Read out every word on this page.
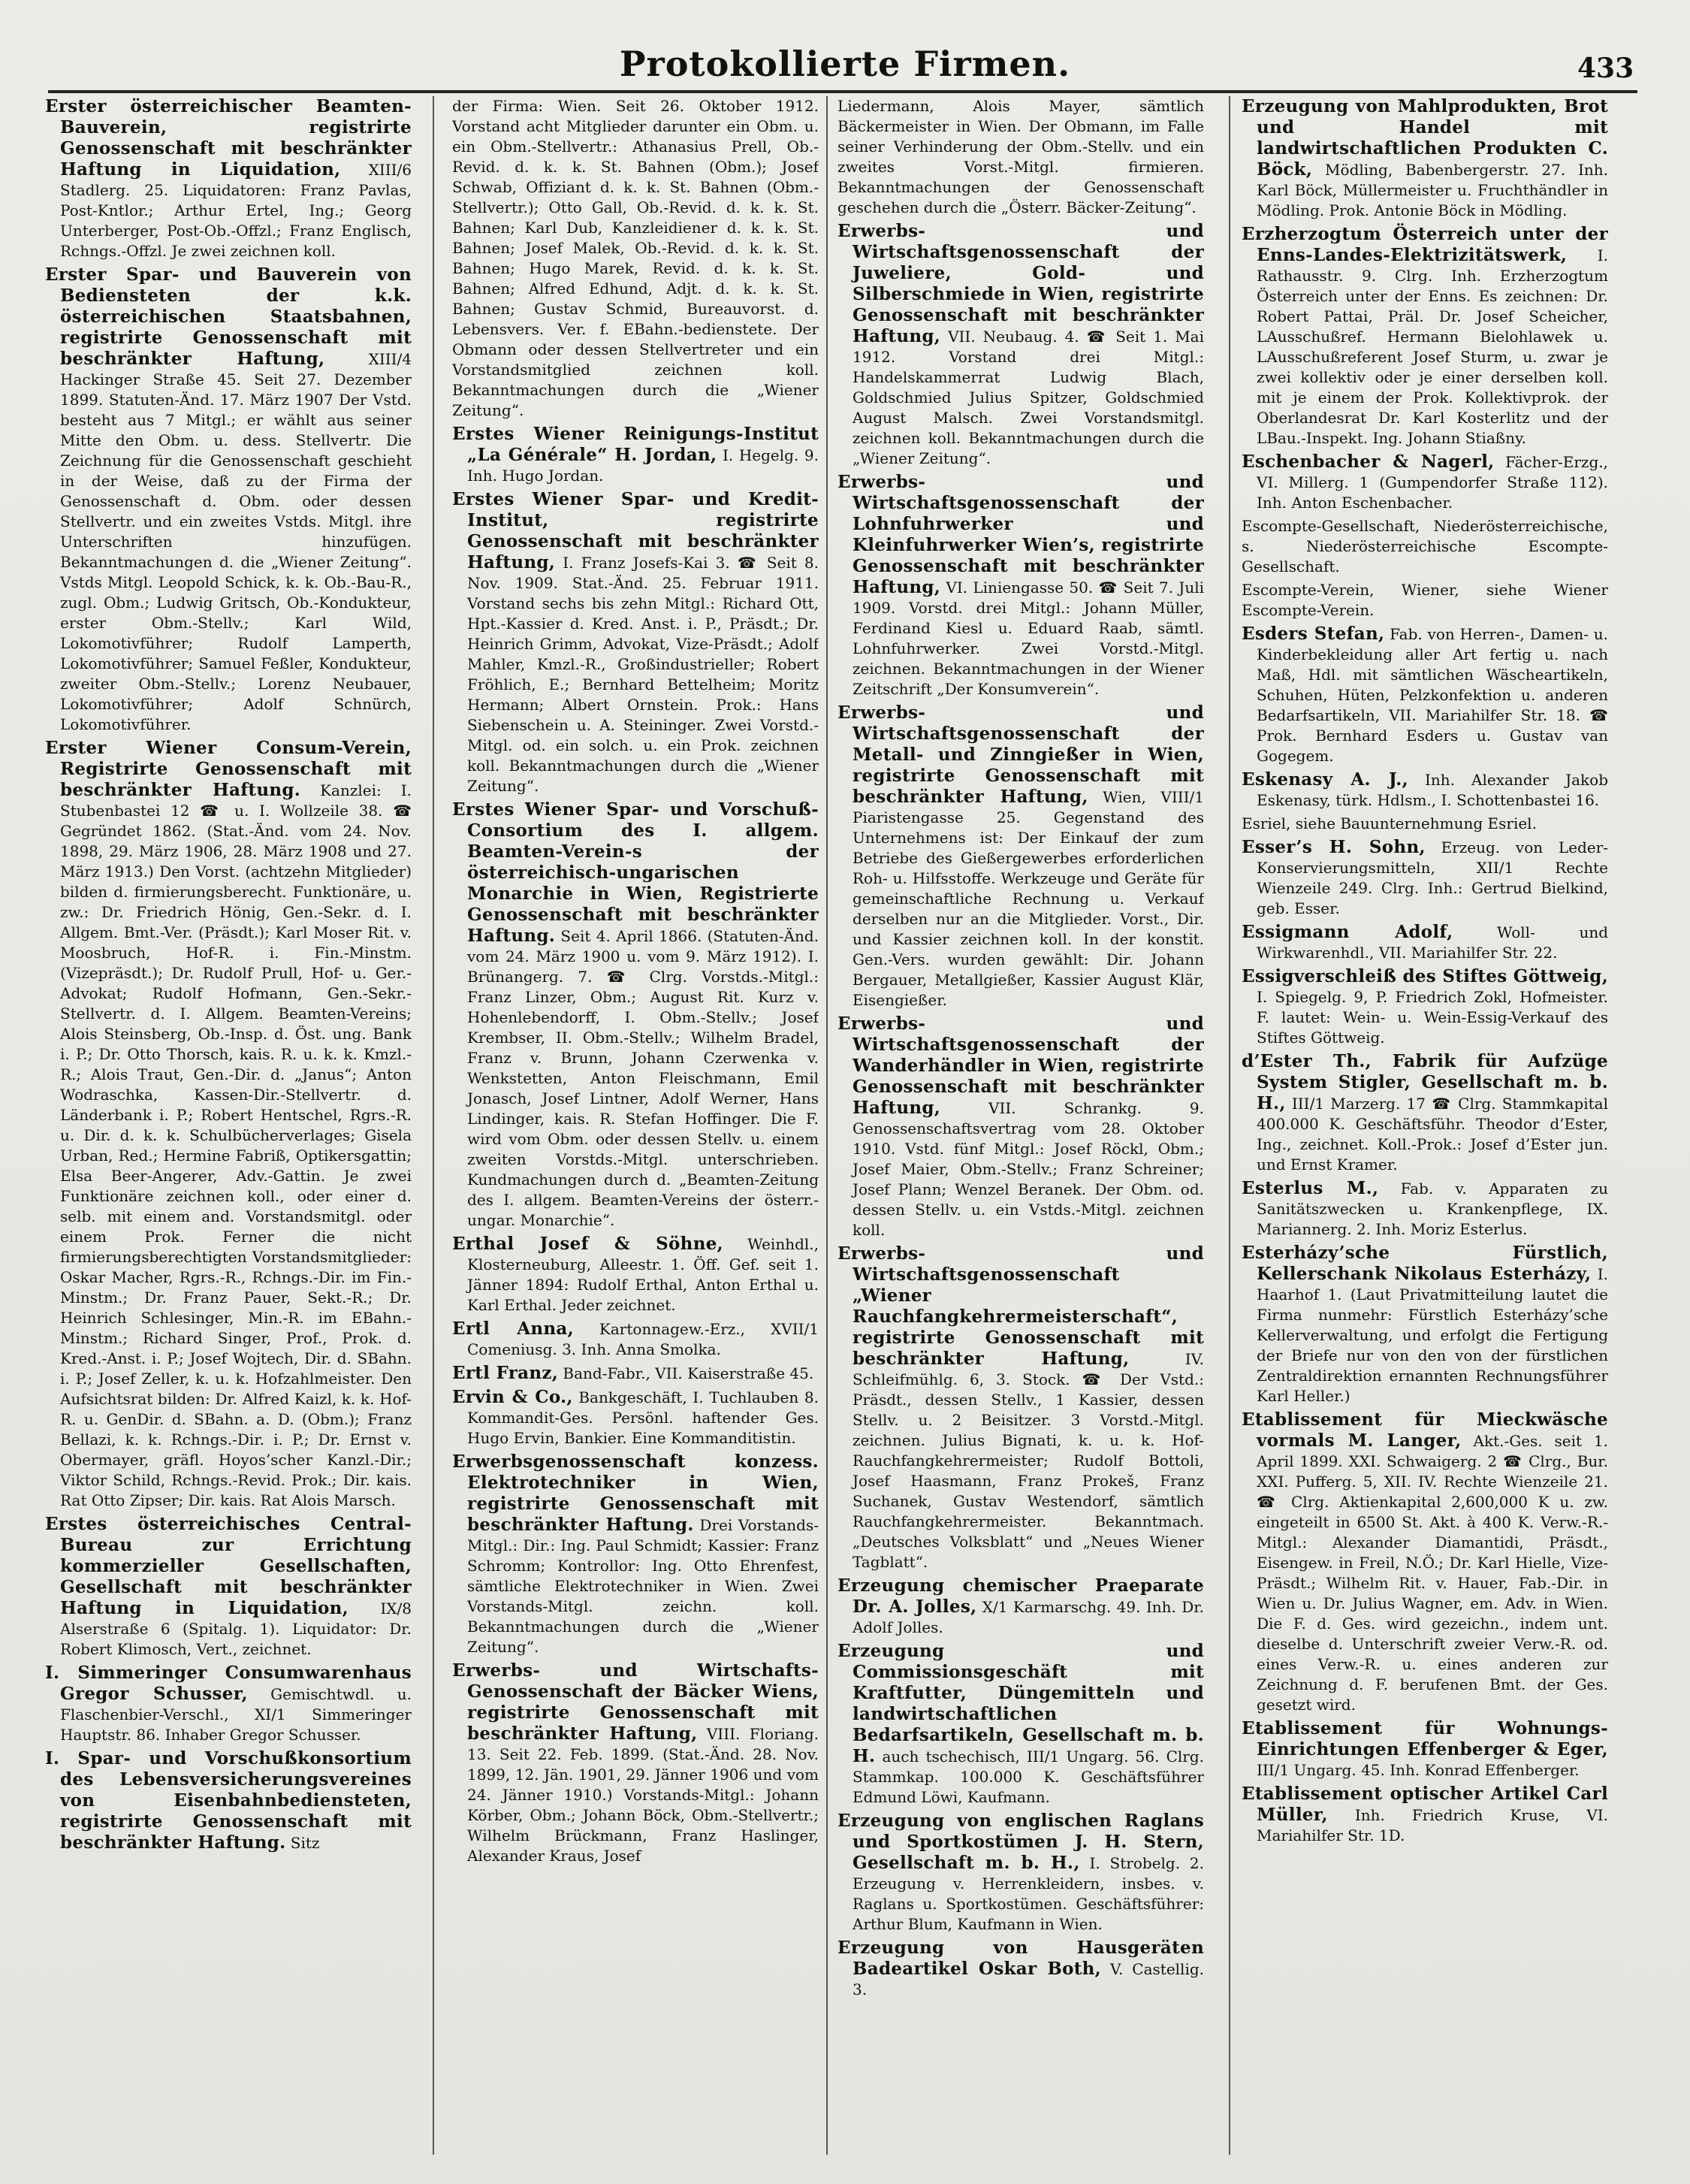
Protokollierte Firmen.	433

Erster österreichischer Beamten-Bauverein, registrirte Genossenschaft mit beschränkter Haftung in Liquidation, XIII/6 Stadlerg. 25. Liquidatoren: Franz Pavlas, Post-Kntlor.; Arthur Ertel, Ing.; Georg Unterberger, Post-Ob.-Offzl.; Franz Englisch, Rchngs.-Offzl. Je zwei zeichnen koll.

Erster Spar- und Bauverein von Bediensteten der k.k. österreichischen Staatsbahnen, registrirte Genossenschaft mit beschränkter Haftung,	XIII/4 Hackinger Straße 45. Seit 27. Dezember 1899. Statuten-Änd. 17. März 1907 Der Vstd. besteht aus 7 Mitgl.; er wählt aus seiner Mitte den Obm. u. dess. Stellvertr. Die Zeichnung für die Genossenschaft geschieht in der Weise, daß zu der Firma der Genossenschaft d. Obm. oder dessen Stellvertr. und ein zweites Vstds. Mitgl. ihre Unterschriften hinzufügen. Bekanntmachungen d. die „Wiener Zeitung“. Vstds Mitgl. Leopold Schick, k. k. Ob.-Bau-R., zugl. Obm.; Ludwig Gritsch, Ob.-Kondukteur, erster Obm.-Stellv.; Karl Wild, Lokomotivführer; Rudolf Lamperth, Lokomotivführer; Samuel Feßler, Kondukteur, zweiter Obm.-Stellv.; Lorenz Neubauer, Lokomotivführer; Adolf Schnürch, Lokomotivführer.

Erster Wiener Consum-Verein, Registrirte Genossenschaft mit beschränkter Haftung. Kanzlei: I. Stubenbastei 12 ☎ u. I. Wollzeile 38. ☎ Gegründet 1862. (Stat.-Änd. vom 24. Nov. 1898, 29. März 1906, 28. März 1908 und 27. März 1913.) Den Vorst. (achtzehn Mitglieder) bilden d. firmierungsberecht. Funktionäre, u. zw.: Dr. Friedrich Hönig, Gen.-Sekr. d. I. Allgem. Bmt.-Ver. (Präsdt.); Karl Moser Rit. v. Moosbruch, Hof-R. i. Fin.-Minstm. (Vizepräsdt.); Dr. Rudolf Prull, Hof- u. Ger.-Advokat; Rudolf Hofmann, Gen.-Sekr.-Stellvertr. d. I. Allgem. Beamten-Vereins; Alois Steinsberg, Ob.-Insp. d. Öst. ung. Bank i. P.; Dr. Otto Thorsch, kais. R. u. k. k. Kmzl.-R.; Alois Traut, Gen.-Dir. d. „Janus“; Anton Wodraschka, Kassen-Dir.-Stellvertr. d. Länderbank i. P.; Robert Hentschel, Rgrs.-R. u. Dir. d. k. k. Schulbücherverlages; Gisela Urban, Red.; Hermine Fabriß, Optikersgattin; Elsa Beer-Angerer, Adv.-Gattin. Je zwei Funktionäre zeichnen koll., oder einer d. selb. mit einem and. Vorstandsmitgl. oder einem Prok. Ferner die nicht firmierungsberechtigten Vorstandsmitglieder: Oskar Macher, Rgrs.-R., Rchngs.-Dir. im Fin.-Minstm.; Dr. Franz Pauer, Sekt.-R.; Dr. Heinrich Schlesinger, Min.-R. im EBahn.-Minstm.; Richard Singer, Prof., Prok. d. Kred.-Anst. i. P.; Josef Wojtech, Dir. d. SBahn. i. P.; Josef Zeller, k. u. k. Hofzahlmeister. Den Aufsichtsrat bilden: Dr. Alfred Kaizl, k. k. Hof-R. u. GenDir. d. SBahn. a. D. (Obm.); Franz Bellazi, k. k. Rchngs.-Dir. i. P.; Dr. Ernst v. Obermayer, gräfl. Hoyos’scher Kanzl.-Dir.; Viktor Schild, Rchngs.-Revid. Prok.; Dir. kais. Rat Otto Zipser; Dir. kais. Rat Alois Marsch.

Erstes österreichisches Central-Bureau zur Errichtung kommerzieller Gesellschaften, Gesellschaft mit beschränkter Haftung in Liquidation, IX/8 Alserstraße 6 (Spitalg. 1). Liquidator: Dr. Robert Klimosch, Vert., zeichnet.

I. Simmeringer Consumwarenhaus Gregor Schusser, Gemischtwdl. u. Flaschenbier-Verschl., XI/1 Simmeringer Hauptstr. 86. Inhaber Gregor Schusser.

I. Spar- und Vorschußkonsortium des Lebensversicherungsvereines von Eisenbahnbediensteten, registrirte Genossenschaft mit beschränkter Haftung. Sitz

der Firma: Wien. Seit 26. Oktober 1912. Vorstand acht Mitglieder darunter ein Obm. u. ein Obm.-Stellvertr.: Athanasius Prell, Ob.-Revid. d. k. k. St. Bahnen (Obm.); Josef Schwab, Offiziant d. k. k. St. Bahnen (Obm.-Stellvertr.); Otto Gall, Ob.-Revid. d. k. k. St. Bahnen; Karl Dub, Kanzleidiener d. k. k. St. Bahnen; Josef Malek, Ob.-Revid. d. k. k. St. Bahnen; Hugo Marek, Revid. d. k. k. St. Bahnen; Alfred Edhund, Adjt. d. k. k. St. Bahnen; Gustav Schmid, Bureauvorst. d. Lebensvers. Ver. f. EBahn.-bedienstete. Der Obmann oder dessen Stellvertreter und ein Vorstandsmitglied zeichnen koll. Bekanntmachungen durch die „Wiener Zeitung“.

Erstes Wiener Reinigungs-Institut „La Générale“ H. Jordan, I. Hegelg. 9. Inh. Hugo Jordan.

Erstes Wiener Spar- und Kredit-Institut, registrirte Genossenschaft mit beschränkter Haftung, I. Franz Josefs-Kai 3. ☎ Seit 8. Nov. 1909. Stat.-Änd. 25. Februar 1911. Vorstand sechs bis zehn Mitgl.: Richard Ott, Hpt.-Kassier d. Kred. Anst. i. P., Präsdt.; Dr. Heinrich Grimm, Advokat, Vize-Präsdt.; Adolf Mahler, Kmzl.-R., Großindustrieller; Robert Fröhlich, E.; Bernhard Bettelheim; Moritz Hermann; Albert Ornstein. Prok.: Hans Siebenschein u. A. Steininger. Zwei Vorstd.-Mitgl. od. ein solch. u. ein Prok. zeichnen koll. Bekanntmachungen durch die „Wiener Zeitung“.

Erstes Wiener Spar- und Vorschuß-Consortium des I. allgem. Beamten-Verein-s der österreichisch-ungarischen Monarchie in Wien, Registrierte Genossenschaft mit beschränkter Haftung. Seit 4. April 1866. (Statuten-Änd. vom 24. März 1900 u. vom 9. März 1912). I. Brünangerg. 7. ☎ Clrg. Vorstds.-Mitgl.: Franz Linzer, Obm.; August Rit. Kurz v. Hohenlebendorff, I. Obm.-Stellv.; Josef Krembser, II. Obm.-Stellv.; Wilhelm Bradel, Franz v. Brunn, Johann Czerwenka v. Wenkstetten, Anton Fleischmann, Emil Jonasch, Josef Lintner, Adolf Werner, Hans Lindinger, kais. R. Stefan Hoffinger. Die F. wird vom Obm. oder dessen Stellv. u. einem zweiten Vorstds.-Mitgl. unterschrieben. Kundmachungen durch d. „Beamten-Zeitung des I. allgem. Beamten-Vereins der österr.-ungar. Monarchie“.

Erthal Josef & Söhne, Weinhdl., Klosterneuburg, Alleestr. 1. Öff. Gef. seit 1. Jänner 1894: Rudolf Erthal, Anton Erthal u. Karl Erthal. Jeder zeichnet.

Ertl Anna, Kartonnagew.-Erz., XVII/1 Comeniusg. 3. Inh. Anna Smolka.

Ertl Franz, Band-Fabr., VII. Kaiserstraße 45.

Ervin & Co., Bankgeschäft, I. Tuchlauben 8. Kommandit-Ges. Persönl. haftender Ges. Hugo Ervin, Bankier. Eine Kommanditistin.

Erwerbsgenossenschaft konzess. Elektrotechniker in Wien, registrirte Genossenschaft mit beschränkter Haftung. Drei Vorstands-Mitgl.: Dir.: Ing. Paul Schmidt; Kassier: Franz Schromm; Kontrollor: Ing. Otto Ehrenfest, sämtliche Elektrotechniker in Wien. Zwei Vorstands-Mitgl. zeichn. koll. Bekanntmachungen durch die „Wiener Zeitung“.

Erwerbs- und Wirtschafts-Genossenschaft der Bäcker Wiens, registrirte Genossenschaft mit beschränkter Haftung, VIII. Floriang. 13. Seit 22. Feb. 1899. (Stat.-Änd. 28. Nov. 1899, 12. Jän. 1901, 29. Jänner 1906 und vom 24. Jänner 1910.) Vorstands-Mitgl.: Johann Körber, Obm.; Johann Böck, Obm.-Stellvertr.; Wilhelm Brückmann, Franz Haslinger, Alexander Kraus, Josef

Liedermann, Alois Mayer, sämtlich Bäckermeister in Wien. Der Obmann, im Falle seiner Verhinderung der Obm.-Stellv. und ein zweites Vorst.-Mitgl. firmieren. Bekanntmachungen der Genossenschaft geschehen durch die „Österr. Bäcker-Zeitung“.

Erwerbs- und Wirtschaftsgenossenschaft der Juweliere, Gold- und Silberschmiede in Wien, registrirte Genossenschaft mit beschränkter Haftung, VII. Neubaug. 4. ☎ Seit 1. Mai 1912. Vorstand drei Mitgl.: Handelskammerrat Ludwig Blach, Goldschmied Julius Spitzer, Goldschmied August Malsch. Zwei Vorstandsmitgl. zeichnen koll. Bekanntmachungen durch die „Wiener Zeitung“.

Erwerbs- und Wirtschaftsgenossenschaft der Lohnfuhrwerker und Kleinfuhrwerker Wien’s, registrirte Genossenschaft mit beschränkter Haftung, VI. Liniengasse 50. ☎ Seit 7. Juli 1909. Vorstd. drei Mitgl.: Johann Müller, Ferdinand Kiesl u. Eduard Raab, sämtl. Lohnfuhrwerker. Zwei Vorstd.-Mitgl. zeichnen. Bekanntmachungen in der Wiener Zeitschrift „Der Konsumverein“.

Erwerbs- und Wirtschaftsgenossenschaft der Metall- und Zinngießer in Wien, registrirte Genossenschaft mit beschränkter Haftung, Wien, VIII/1 Piaristengasse 25. Gegenstand des Unternehmens ist: Der Einkauf der zum Betriebe des Gießergewerbes erforderlichen Roh- u. Hilfsstoffe. Werkzeuge und Geräte für gemeinschaftliche Rechnung u. Verkauf derselben nur an die Mitglieder. Vorst., Dir. und Kassier zeichnen koll. In der konstit. Gen.-Vers. wurden gewählt: Dir. Johann Bergauer, Metallgießer, Kassier August Klär, Eisengießer.

Erwerbs- und Wirtschaftsgenossenschaft der Wanderhändler in Wien, registrirte Genossenschaft mit beschränkter Haftung,	VII. Schrankg. 9. Genossenschaftsvertrag vom 28. Oktober 1910. Vstd. fünf Mitgl.: Josef Röckl, Obm.; Josef Maier, Obm.-Stellv.; Franz Schreiner; Josef Plann; Wenzel Beranek. Der Obm. od. dessen Stellv. u. ein Vstds.-Mitgl. zeichnen koll.

Erwerbs- und Wirtschaftsgenossenschaft „Wiener Rauchfangkehrermeisterschaft“, registrirte Genossenschaft mit beschränkter Haftung,	IV. Schleifmühlg. 6, 3. Stock. ☎ Der Vstd.: Präsdt., dessen Stellv., 1 Kassier, dessen Stellv. u. 2 Beisitzer. 3 Vorstd.-Mitgl. zeichnen. Julius Bignati, k. u. k. Hof-Rauchfangkehrermeister; Rudolf Bottoli, Josef Haasmann, Franz Prokeš, Franz Suchanek, Gustav Westendorf, sämtlich Rauchfangkehrermeister. Bekanntmach. „Deutsches Volksblatt“ und „Neues Wiener Tagblatt“.

Erzeugung chemischer Praeparate Dr. A. Jolles, X/1 Karmarschg. 49. Inh. Dr. Adolf Jolles.

Erzeugung und Commissionsgeschäft mit Kraftfutter, Düngemitteln und landwirtschaftlichen Bedarfsartikeln, Gesellschaft m. b. H. auch tschechisch, III/1 Ungarg. 56. Clrg. Stammkap. 100.000 K. Geschäftsführer Edmund Löwi, Kaufmann.

Erzeugung von englischen Raglans und Sportkostümen J. H. Stern, Gesellschaft m. b. H., I. Strobelg. 2. Erzeugung v. Herrenkleidern, insbes. v. Raglans u. Sportkostümen. Geschäftsführer: Arthur Blum, Kaufmann in Wien.

Erzeugung von Hausgeräten Badeartikel Oskar Both, V. Castellig. 3.

Erzeugung von Mahlprodukten, Brot und Handel mit landwirtschaftlichen Produkten C. Böck, Mödling, Babenbergerstr. 27. Inh. Karl Böck, Müllermeister u. Fruchthändler in Mödling. Prok. Antonie Böck in Mödling.

Erzherzogtum Österreich unter der Enns-Landes-Elektrizitätswerk, I. Rathausstr. 9. Clrg. Inh. Erzherzogtum Österreich unter der Enns. Es zeichnen: Dr. Robert Pattai, Präl. Dr. Josef Scheicher, LAusschußref. Hermann Bielohlawek u. LAusschußreferent Josef Sturm, u. zwar je zwei kollektiv oder je einer derselben koll. mit je einem der Prok. Kollektivprok. der Oberlandesrat Dr. Karl Kosterlitz und der LBau.-Inspekt. Ing. Johann Stiaßny.

Eschenbacher & Nagerl, Fächer-Erzg., VI. Millerg. 1 (Gumpendorfer Straße 112). Inh. Anton Eschenbacher.

Escompte-Gesellschaft, Niederösterreichische, s. Niederösterreichische Escompte-Gesellschaft.

Escompte-Verein, Wiener, siehe Wiener Escompte-Verein.

Esders Stefan, Fab. von Herren-, Damen- u. Kinderbekleidung aller Art fertig u. nach Maß, Hdl. mit sämtlichen Wäscheartikeln, Schuhen, Hüten, Pelzkonfektion u. anderen Bedarfsartikeln, VII. Mariahilfer Str. 18. ☎ Prok. Bernhard Esders u. Gustav van Gogegem.

Eskenasy A. J., Inh. Alexander Jakob Eskenasy, türk. Hdlsm., I. Schottenbastei 16.

Esriel, siehe Bauunternehmung Esriel.

Esser’s H. Sohn, Erzeug. von Leder-Konservierungsmitteln, XII/1 Rechte Wienzeile 249. Clrg. Inh.: Gertrud Bielkind, geb. Esser.

Essigmann Adolf,	Woll- und Wirkwarenhdl., VII. Mariahilfer Str. 22.

Essigverschleiß des Stiftes Göttweig, I. Spiegelg. 9, P. Friedrich Zokl, Hofmeister. F. lautet: Wein- u. Wein-Essig-Verkauf des Stiftes Göttweig.

d’Ester Th., Fabrik für Aufzüge System Stigler, Gesellschaft m. b. H., III/1 Marzerg. 17 ☎ Clrg. Stammkapital 400.000 K. Geschäftsführ. Theodor d’Ester, Ing., zeichnet. Koll.-Prok.: Josef d’Ester jun. und Ernst Kramer.

Esterlus M., Fab. v. Apparaten zu Sanitätszwecken u. Krankenpflege, IX. Mariannerg. 2. Inh. Moriz Esterlus.

Esterházy’sche Fürstlich, Kellerschank Nikolaus Esterházy, I. Haarhof 1. (Laut Privatmitteilung lautet die Firma nunmehr: Fürstlich Esterházy’sche Kellerverwaltung, und erfolgt die Fertigung der Briefe nur von den von der fürstlichen Zentraldirektion ernannten Rechnungsführer Karl Heller.)

Etablissement für Mieckwäsche vormals M. Langer, Akt.-Ges. seit 1. April 1899. XXI. Schwaigerg. 2 ☎ Clrg., Bur. XXI. Pufferg. 5, XII. IV. Rechte Wienzeile 21. ☎ Clrg. Aktienkapital 2,600,000 K u. zw. eingeteilt in 6500 St. Akt. à 400 K. Verw.-R.-Mitgl.: Alexander Diamantidi, Präsdt., Eisengew. in Freil, N.Ö.; Dr. Karl Hielle, Vize-Präsdt.; Wilhelm Rit. v. Hauer, Fab.-Dir. in Wien u. Dr. Julius Wagner, em. Adv. in Wien. Die F. d. Ges. wird gezeichn., indem unt. dieselbe d. Unterschrift zweier Verw.-R. od. eines Verw.-R. u. eines anderen zur Zeichnung d. F. berufenen Bmt. der Ges. gesetzt wird.

Etablissement für Wohnungs-Einrichtungen Effenberger & Eger, III/1 Ungarg. 45. Inh. Konrad Effenberger.

Etablissement optischer Artikel Carl Müller, Inh. Friedrich Kruse, VI. Mariahilfer Str. 1D.
